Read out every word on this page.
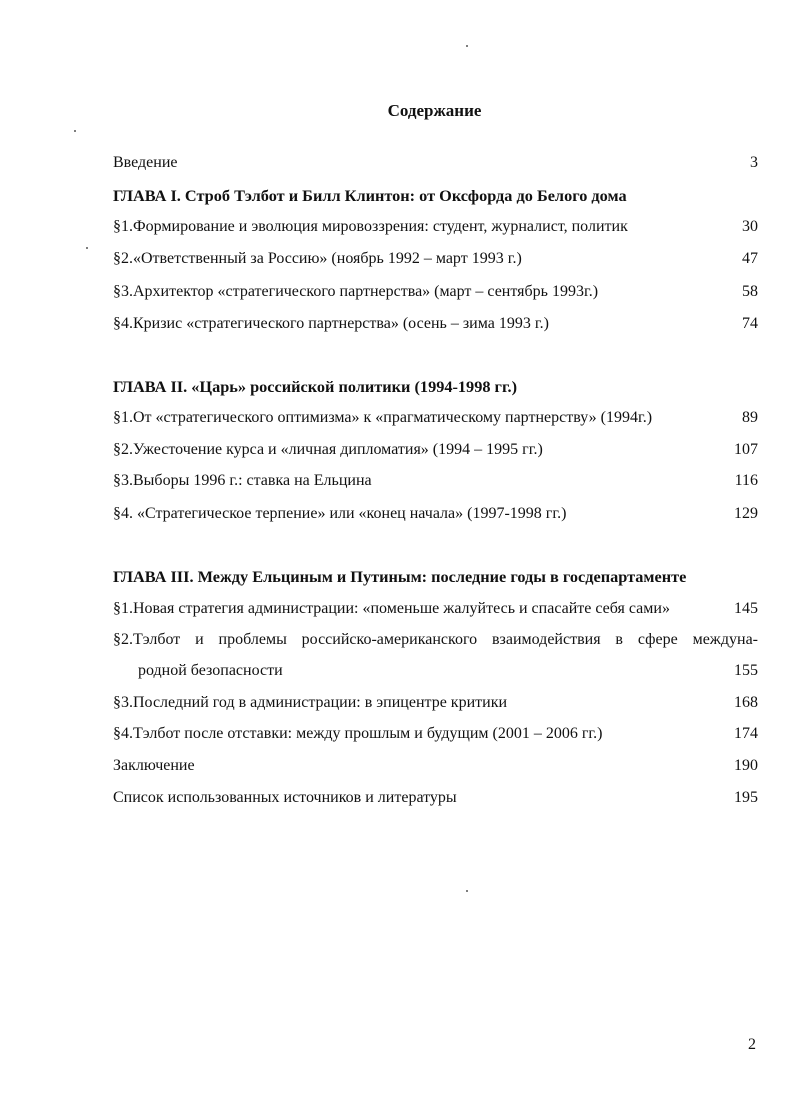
Содержание
Введение	3
ГЛАВА I. Строб Тэлбот и Билл Клинтон: от Оксфорда до Белого дома
§1.Формирование и эволюция мировоззрения: студент, журналист, политик	30
§2.«Ответственный за Россию» (ноябрь 1992 – март 1993 г.)	47
§3.Архитектор «стратегического партнерства» (март – сентябрь 1993г.)	58
§4.Кризис «стратегического партнерства» (осень – зима 1993 г.)	74
ГЛАВА II. «Царь» российской политики (1994-1998 гг.)
§1.От «стратегического оптимизма» к «прагматическому партнерству» (1994г.)	89
§2.Ужесточение курса и «личная дипломатия» (1994 – 1995 гг.)	107
§3.Выборы 1996 г.: ставка на Ельцина	116
§4. «Стратегическое терпение» или «конец начала» (1997-1998 гг.)	129
ГЛАВА III. Между Ельциным и Путиным: последние годы в госдепартаменте
§1.Новая стратегия администрации: «поменьше жалуйтесь и спасайте себя сами»	145
§2.Тэлбот и проблемы российско-американского взаимодействия в сфере междуна-
родной безопасности	155
§3.Последний год в администрации: в эпицентре критики	168
§4.Тэлбот после отставки: между прошлым и будущим (2001 – 2006 гг.)	174
Заключение	190
Список использованных источников и литературы	195
2
